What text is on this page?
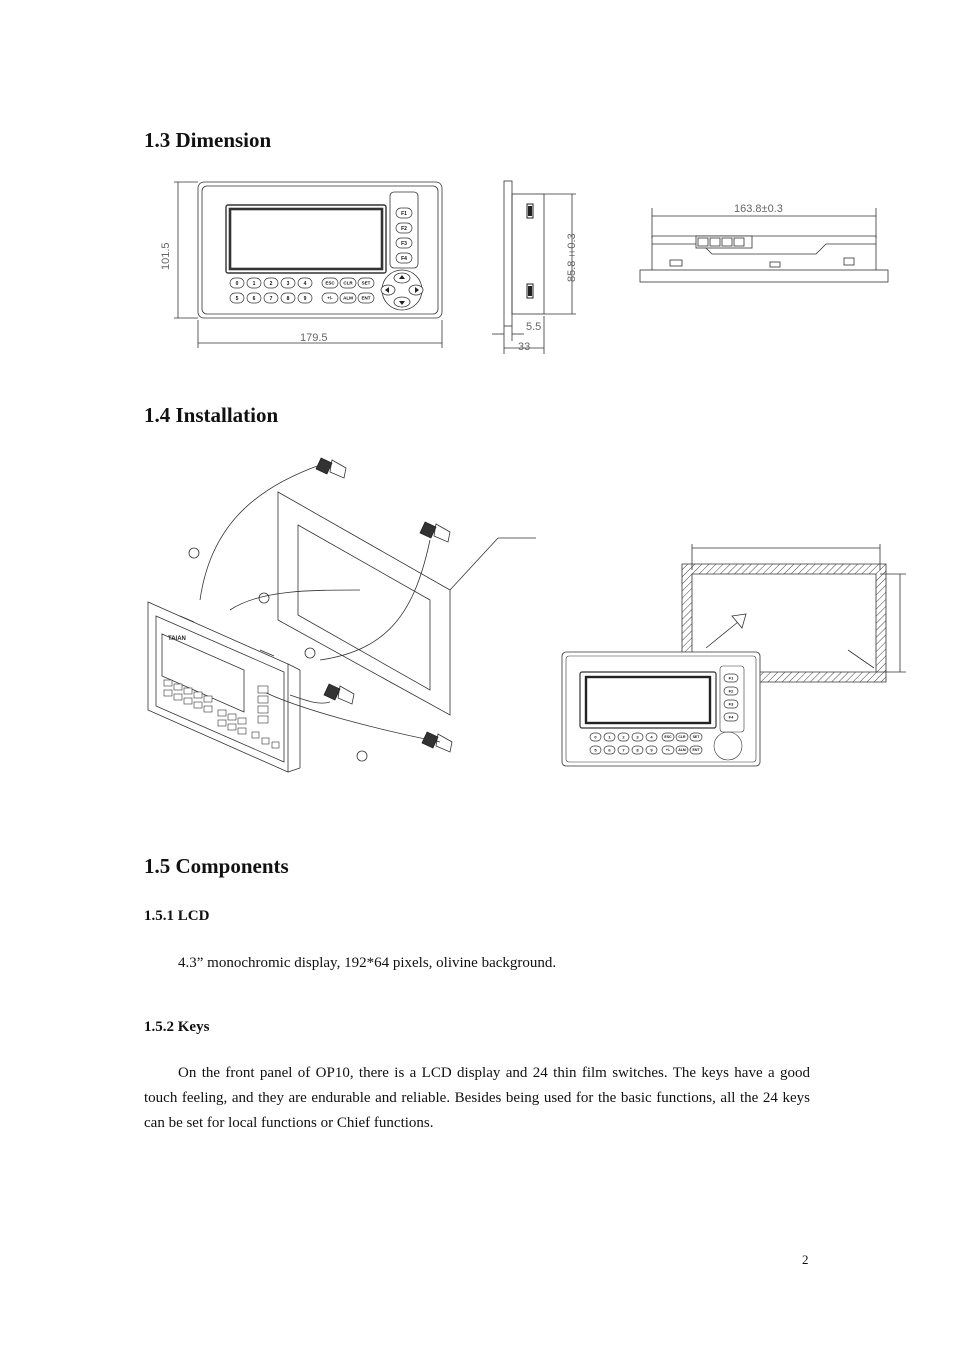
1.3 Dimension
1.4 Installation
1.5 Components
F1
F2
F3
F4
0	1	2	3	4
5	6	7	8	9
ESC CLR SET
+/- ALM ENT
101.5
179.5
85.8±0.3
5.5
33
163.8±0.3
TAIAN
F1
F2
F3
F4
0	1	2	3	4
5	6	7	8	9
ESC CLR SET
+/- ALM ENT
1.5.1 LCD

4.3” monochromic display, 192*64 pixels, olivine background.

1.5.2 Keys

On the front panel of OP10, there is a LCD display and 24 thin film switches. The keys have a good touch feeling, and they are endurable and reliable. Besides being used for the basic functions, all the 24 keys can be set for local functions or Chief functions.

2
